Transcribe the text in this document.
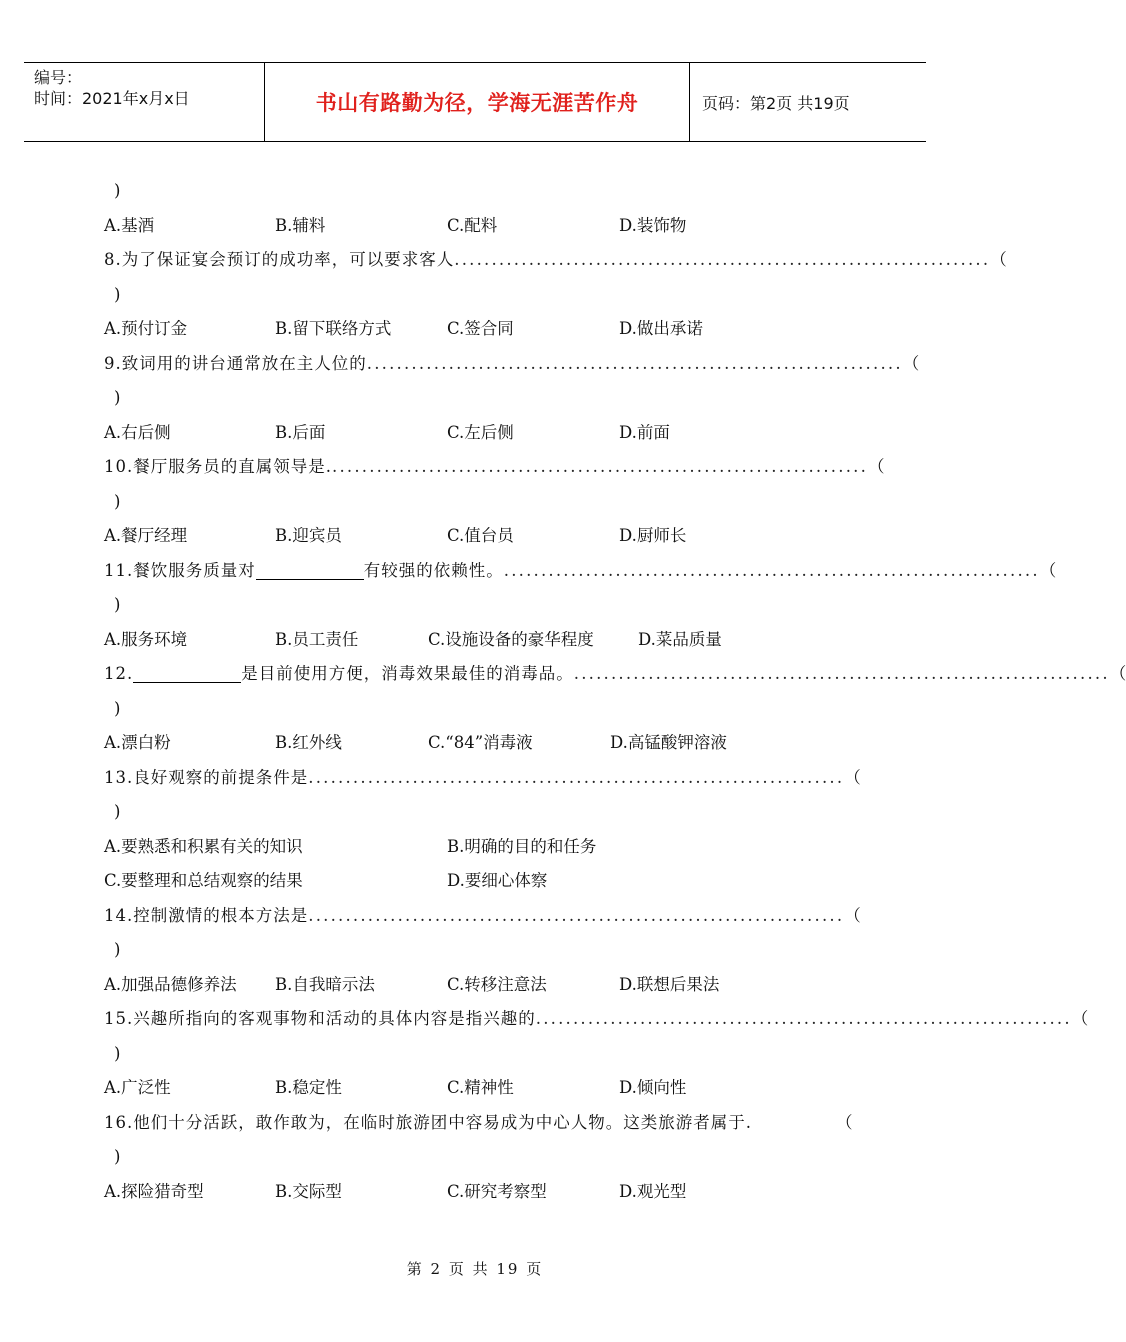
编号：
时间：2021年x月x日	书山有路勤为径，学海无涯苦作舟	页码：第2页 共19页
)
A.基酒	B.辅料	C.配料	D.装饰物
8.为了保证宴会预订的成功率，可以要求客人 ........................................................................ （
)
A.预付订金	B.留下联络方式	C.签合同	D.做出承诺
9.致词用的讲台通常放在主人位的 ........................................................................ （
)
A.右后侧	B.后面	C.左后侧	D.前面
10.餐厅服务员的直属领导是. ........................................................................ （
)
A.餐厅经理	B.迎宾员	C.值台员	D.厨师长
11.餐饮服务质量对	有较强的依赖性。 ........................................................................ （
)
A.服务环境	B.员工责任	C.设施设备的豪华程度	D.菜品质量
12.	是目前使用方便，消毒效果最佳的消毒品。 ........................................................................ （
)
A.漂白粉	B.红外线	C.“84”消毒液	D.高锰酸钾溶液
13.良好观察的前提条件是 ........................................................................ （
)
A.要熟悉和积累有关的知识	B.明确的目的和任务
C.要整理和总结观察的结果	D.要细心体察
14.控制激情的根本方法是 ........................................................................ （
)
A.加强品德修养法 B.自我暗示法	C.转移注意法	D.联想后果法
15.兴趣所指向的客观事物和活动的具体内容是指兴趣的 ........................................................................ （
)
A.广泛性	B.稳定性	C.精神性	D.倾向性
16.他们十分活跃，敢作敢为，在临时旅游团中容易成为中心人物。这类旅游者属于.	（
)
A.探险猎奇型	B.交际型	C.研究考察型	D.观光型
第 2 页 共 19 页
